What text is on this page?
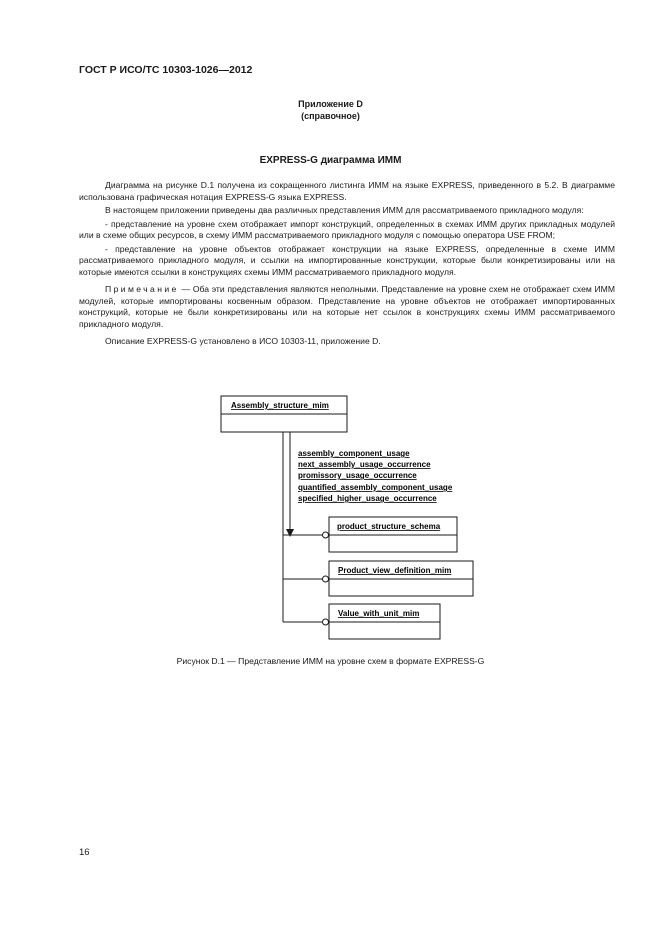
ГОСТ Р ИСО/ТС 10303-1026—2012
Приложение D
(справочное)
EXPRESS-G диаграмма ИММ

Диаграмма на рисунке D.1 получена из сокращенного листинга ИММ на языке EXPRESS, приведенного в 5.2. В диаграмме использована графическая нотация EXPRESS-G языка EXPRESS.

В настоящем приложении приведены два различных представления ИММ для рассматриваемого прикладного модуля:

- представление на уровне схем отображает импорт конструкций, определенных в схемах ИММ других прикладных модулей или в схеме общих ресурсов, в схему ИММ рассматриваемого прикладного модуля с помощью оператора USE FROM;

- представление на уровне объектов отображает конструкции на языке EXPRESS, определенные в схеме ИММ рассматриваемого прикладного модуля, и ссылки на импортированные конструкции, которые были конкретизированы или на которые имеются ссылки в конструкциях схемы ИММ рассматриваемого прикладного модуля.

Примечание — Оба эти представления являются неполными. Представление на уровне схем не отображает схем ИММ модулей, которые импортированы косвенным образом. Представление на уровне объектов не отображает импортированных конструкций, которые не были конкретизированы или на которые нет ссылок в конструкциях схемы ИММ рассматриваемого прикладного модуля.

Описание EXPRESS-G установлено в ИСО 10303-11, приложение D.

Assembly_structure_mim
assembly_component_usage
next_assembly_usage_occurrence
promissory_usage_occurrence
quantified_assembly_component_usage
specified_higher_usage_occurrence
product_structure_schema
Product_view_definition_mim
Value_with_unit_mim
Рисунок D.1 — Представление ИММ на уровне схем в формате EXPRESS-G
16
